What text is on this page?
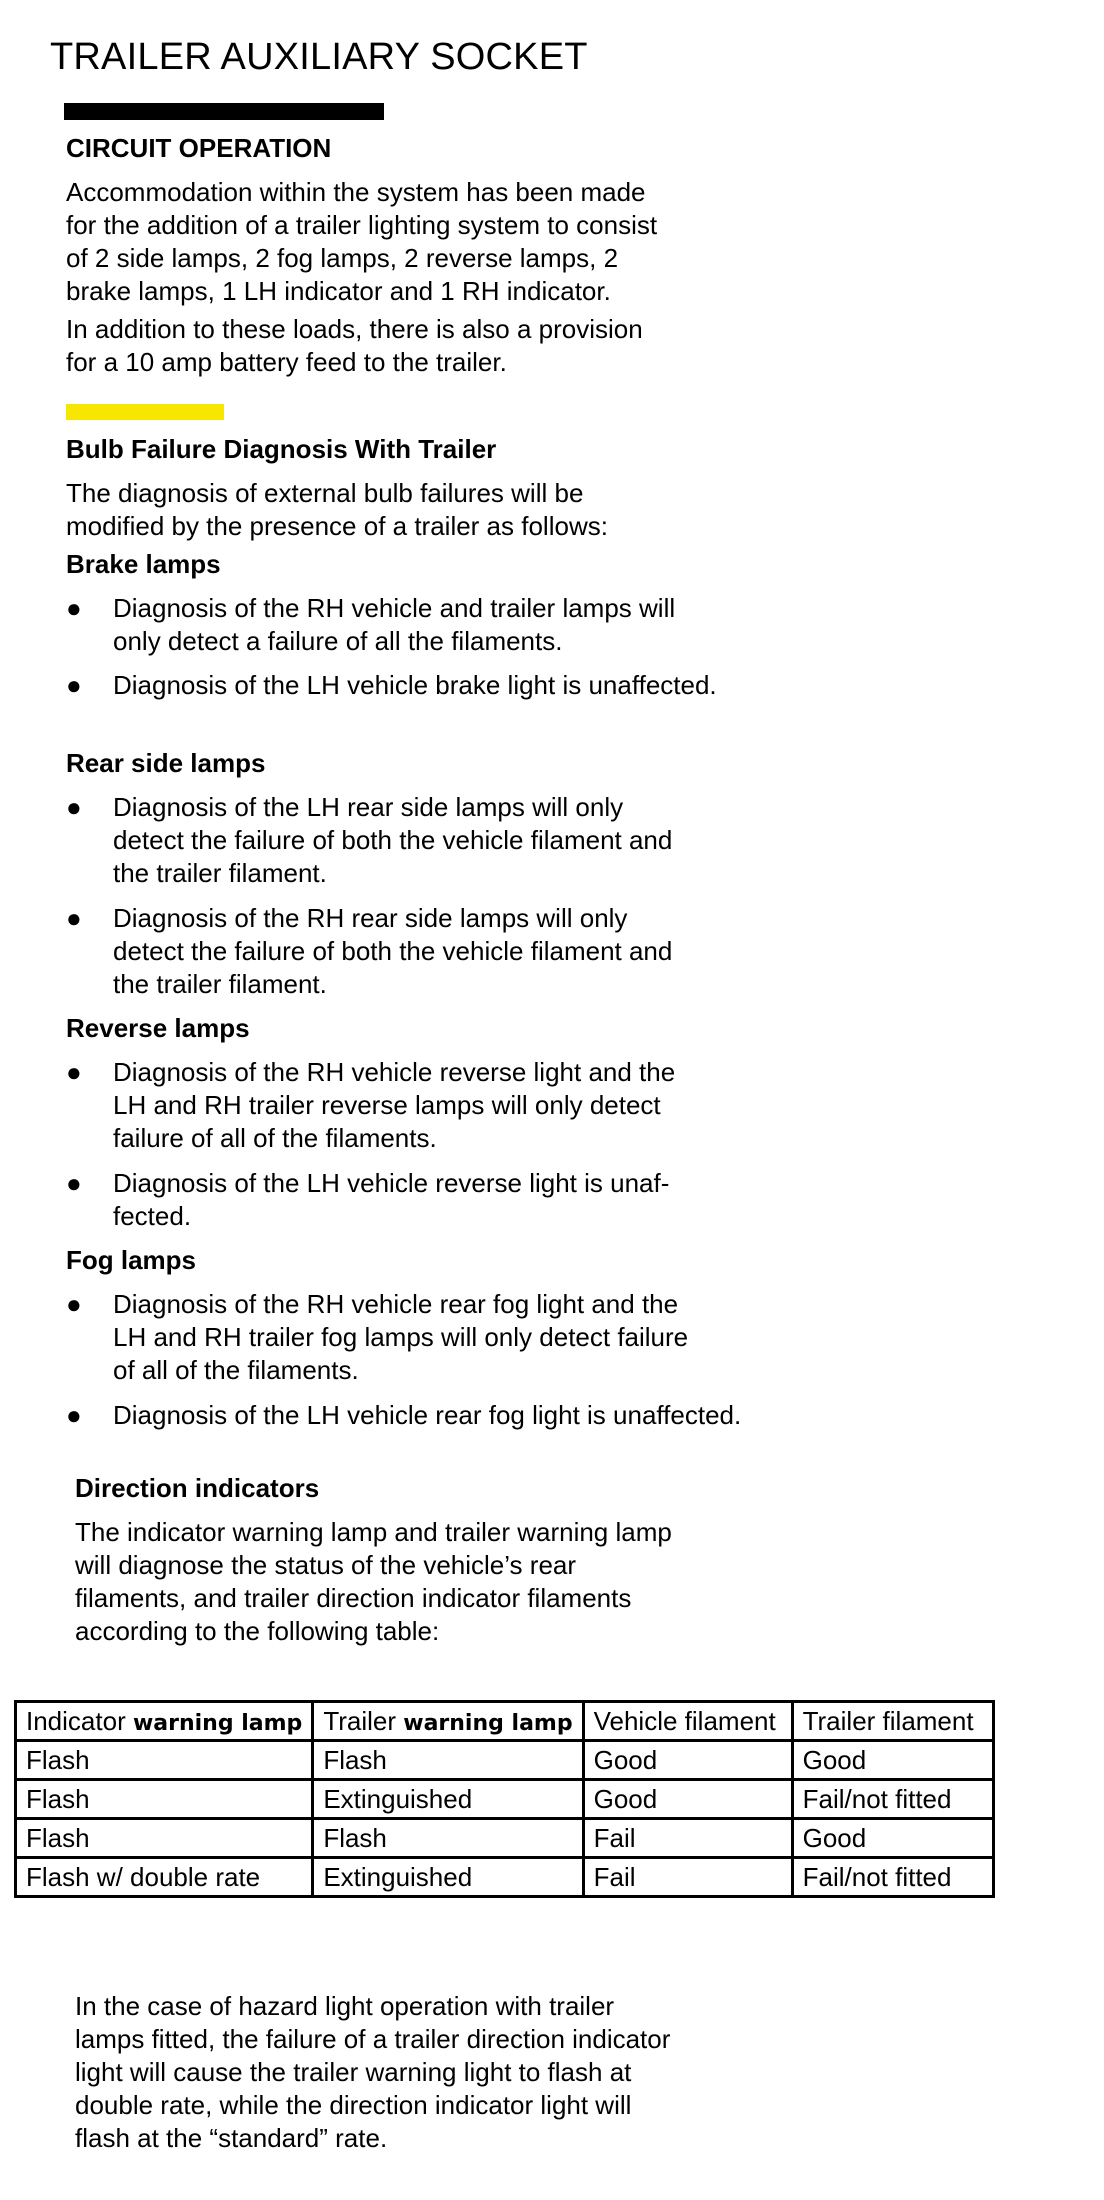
TRAILER AUXILIARY SOCKET
CIRCUIT OPERATION
Accommodation within the system has been made
for the addition of a trailer lighting system to consist
of 2 side lamps, 2 fog lamps, 2 reverse lamps, 2
brake lamps, 1 LH indicator and 1 RH indicator.
In addition to these loads, there is also a provision
for a 10 amp battery feed to the trailer.
Bulb Failure Diagnosis With Trailer
The diagnosis of external bulb failures will be
modified by the presence of a trailer as follows:
Brake lamps
●	Diagnosis of the RH vehicle and trailer lamps will
only detect a failure of all the filaments.
●	Diagnosis of the LH vehicle brake light is unaffected.
Rear side lamps
●	Diagnosis of the LH rear side lamps will only
detect the failure of both the vehicle filament and
the trailer filament.
●	Diagnosis of the RH rear side lamps will only
detect the failure of both the vehicle filament and
the trailer filament.
Reverse lamps
●	Diagnosis of the RH vehicle reverse light and the
LH and RH trailer reverse lamps will only detect
failure of all of the filaments.
●	Diagnosis of the LH vehicle reverse light is unaf-
fected.
Fog lamps
●	Diagnosis of the RH vehicle rear fog light and the
LH and RH trailer fog lamps will only detect failure
of all of the filaments.
●	Diagnosis of the LH vehicle rear fog light is unaffected.
Direction indicators
The indicator warning lamp and trailer warning lamp
will diagnose the status of the vehicle’s rear
filaments, and trailer direction indicator filaments
according to the following table:
Indicator warning lamp	Trailer warning lamp	Vehicle filament	Trailer filament
Flash	Flash	Good	Good
Flash	Extinguished	Good	Fail/not fitted
Flash	Flash	Fail	Good
Flash w/ double rate	Extinguished	Fail	Fail/not fitted
In the case of hazard light operation with trailer
lamps fitted, the failure of a trailer direction indicator
light will cause the trailer warning light to flash at
double rate, while the direction indicator light will
flash at the “standard” rate.
